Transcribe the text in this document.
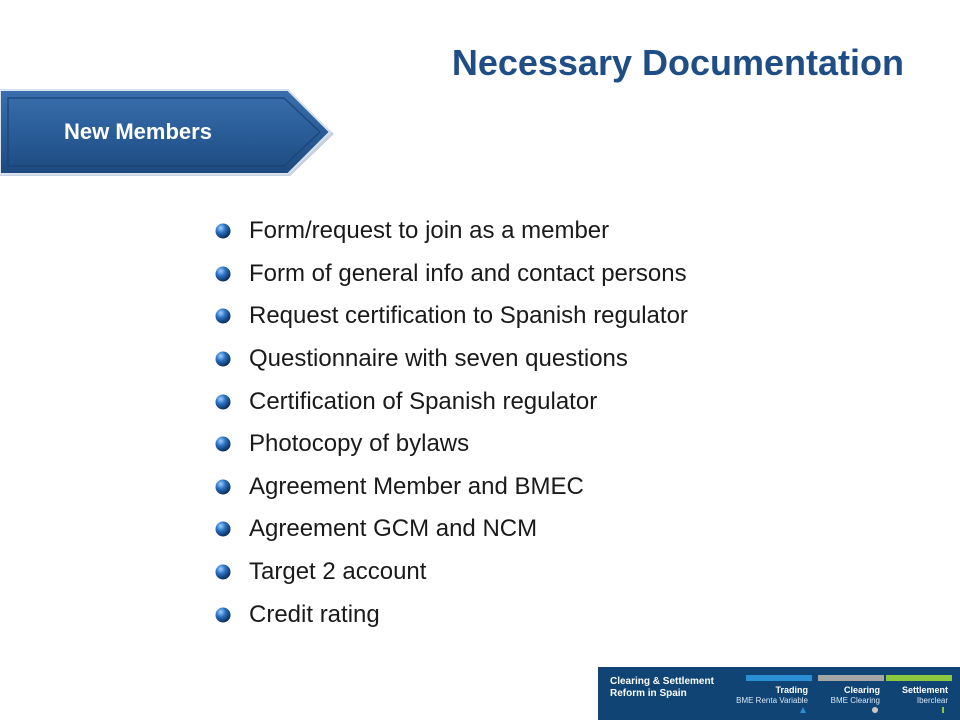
Necessary Documentation
New Members
Form/request to join as a member
Form of general info and contact persons
Request certification to Spanish regulator
Questionnaire with seven questions
Certification of Spanish regulator
Photocopy of bylaws
Agreement Member and BMEC
Agreement GCM and NCM
Target 2 account
Credit rating
Clearing & Settlement
Reform in Spain	Trading
BME Renta Variable
Clearing
BME Clearing
Settlement
Iberclear
